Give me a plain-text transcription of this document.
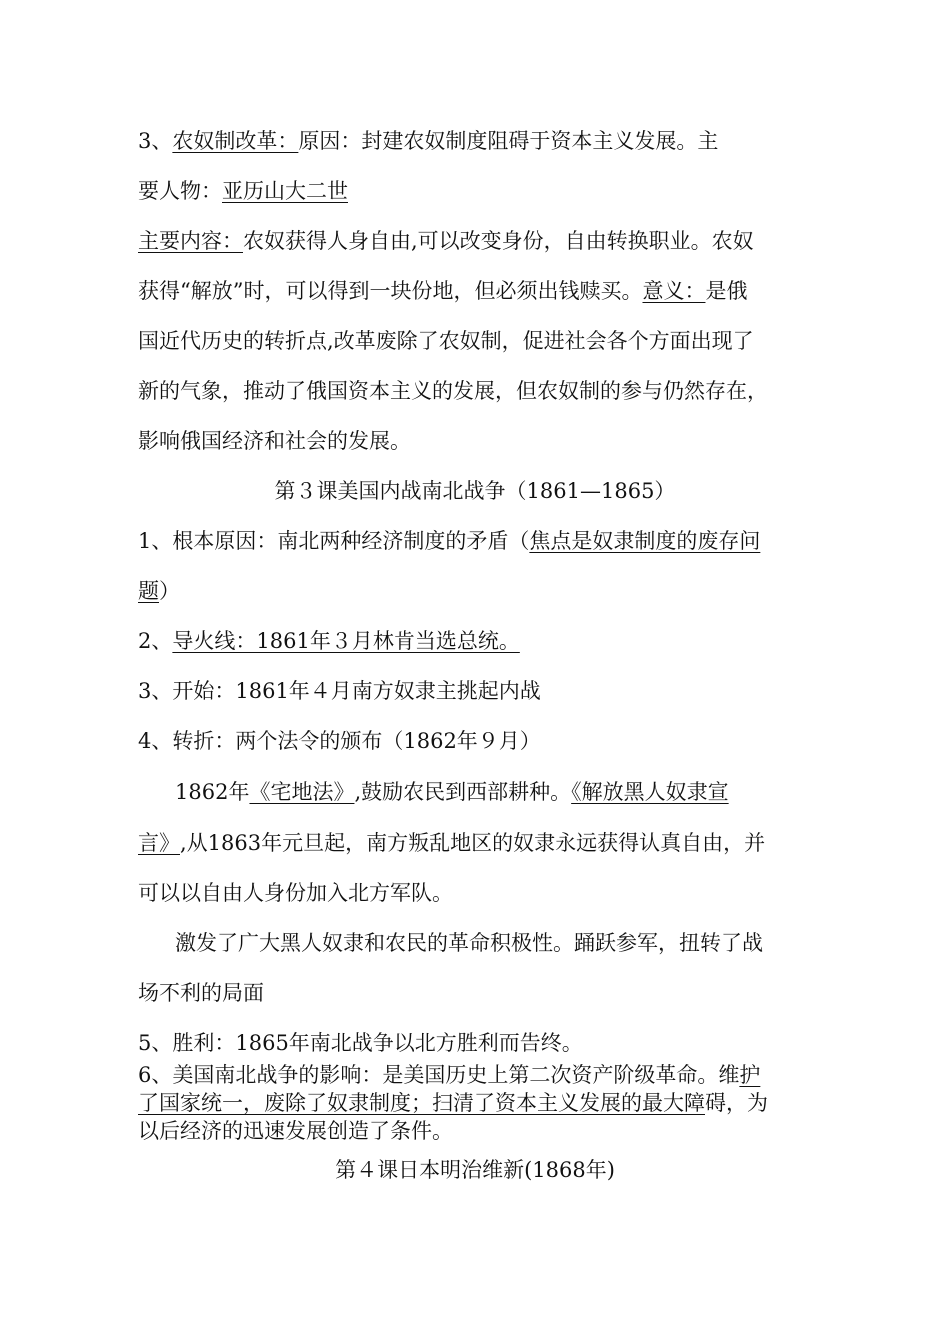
3、农奴制改革：原因：封建农奴制度阻碍于资本主义发展。主
要人物：亚历山大二世
主要内容：农奴获得人身自由,可以改变身份，自由转换职业。农奴
获得“解放”时，可以得到一块份地，但必须出钱赎买。意义：是俄
国近代历史的转折点,改革废除了农奴制，促进社会各个方面出现了
新的气象，推动了俄国资本主义的发展，但农奴制的参与仍然存在，
影响俄国经济和社会的发展。
第３课美国内战南北战争（1861—1865）
1、根本原因：南北两种经济制度的矛盾（焦点是奴隶制度的废存问
题）
2、导火线：1861年３月林肯当选总统。
3、开始：1861年４月南方奴隶主挑起内战
4、转折：两个法令的颁布（1862年９月）
1862年《宅地法》,鼓励农民到西部耕种。《解放黑人奴隶宣
言》,从1863年元旦起，南方叛乱地区的奴隶永远获得认真自由，并
可以以自由人身份加入北方军队。
激发了广大黑人奴隶和农民的革命积极性。踊跃参军，扭转了战
场不利的局面
5、胜利：1865年南北战争以北方胜利而告终。
6、美国南北战争的影响：是美国历史上第二次资产阶级革命。维护
了国家统一，废除了奴隶制度；扫清了资本主义发展的最大障碍，为
以后经济的迅速发展创造了条件。
第４课日本明治维新(1868年)
